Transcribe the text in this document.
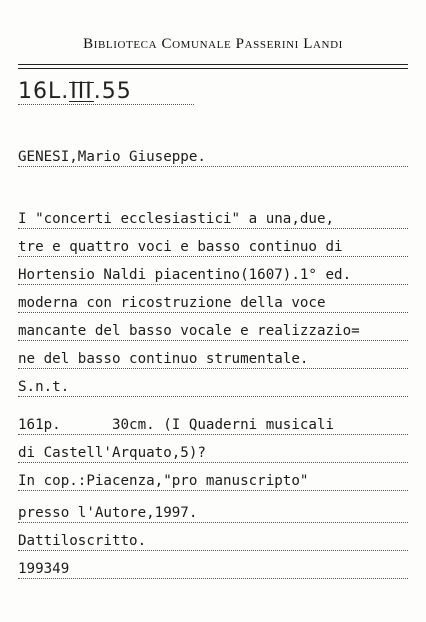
Biblioteca Comunale Passerini Landi
16L.III.55
GENESI,Mario Giuseppe.
I "concerti ecclesiastici" a una,due,
tre e quattro voci e basso continuo di
Hortensio Naldi piacentino(1607).1° ed.
moderna con ricostruzione della voce
mancante del basso vocale e realizzazio=
ne del basso continuo strumentale.
S.n.t.
161p.      30cm. (I Quaderni musicali
di Castell'Arquato,5)?
In cop.:Piacenza,"pro manuscripto"
presso l'Autore,1997.
Dattiloscritto.
199349
